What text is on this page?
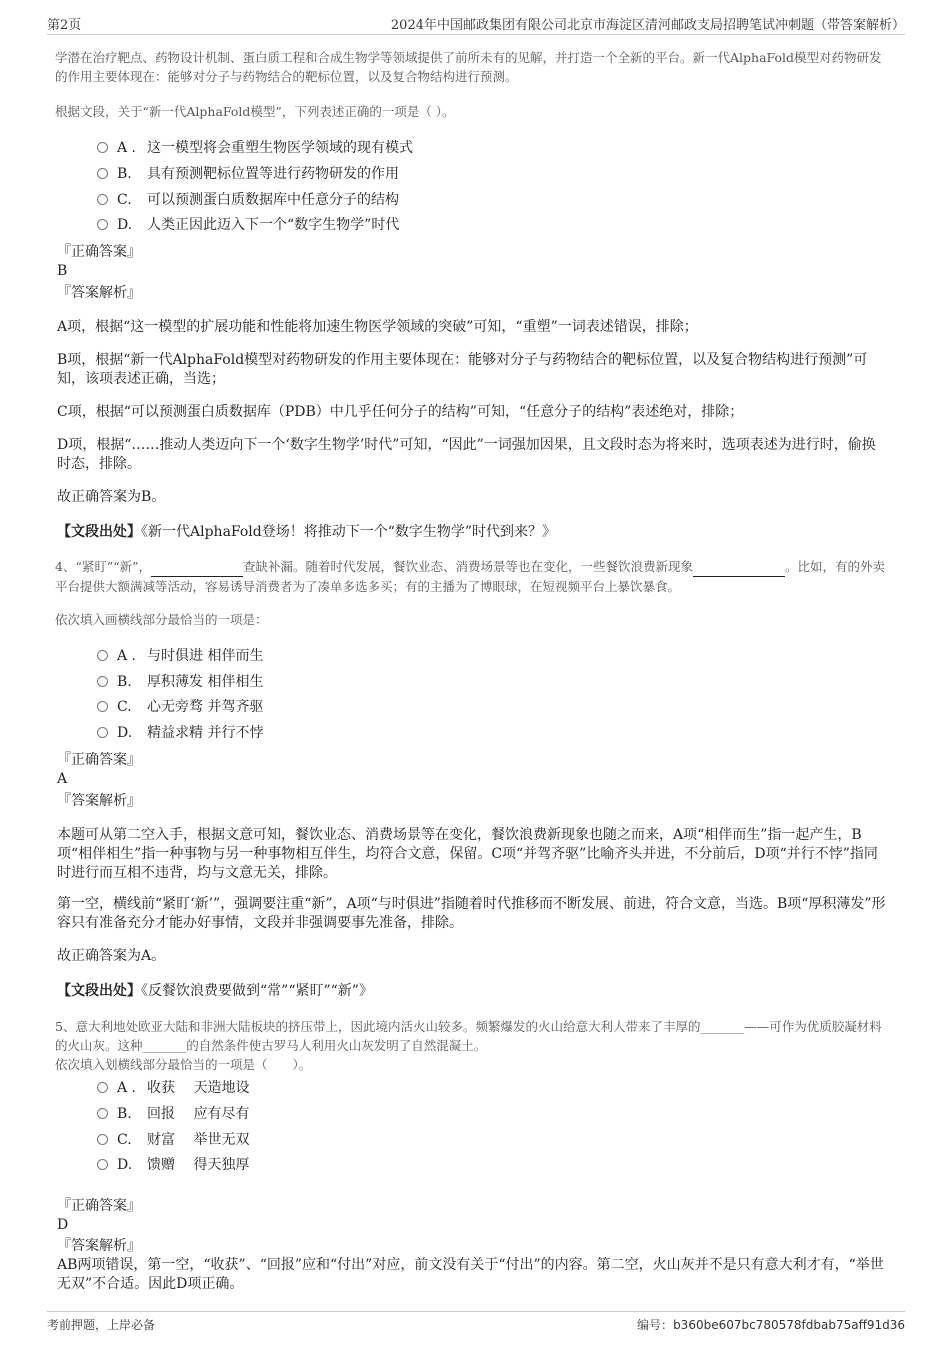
第2页	2024年中国邮政集团有限公司北京市海淀区清河邮政支局招聘笔试冲刺题（带答案解析）

学潜在治疗靶点、药物设计机制、蛋白质工程和合成生物学等领域提供了前所未有的见解，并打造一个全新的平台。新一代AlphaFold模型对药物研发的作用主要体现在：能够对分子与药物结合的靶标位置，以及复合物结构进行预测。

根据文段，关于“新一代AlphaFold模型”，下列表述正确的一项是（ ）。

A . 这一模型将会重塑生物医学领域的现有模式
B. 具有预测靶标位置等进行药物研发的作用
C. 可以预测蛋白质数据库中任意分子的结构
D. 人类正因此迈入下一个“数字生物学”时代
『正确答案』
B
『答案解析』

A项，根据“这一模型的扩展功能和性能将加速生物医学领域的突破”可知，“重塑”一词表述错误，排除；

B项，根据“新一代AlphaFold模型对药物研发的作用主要体现在：能够对分子与药物结合的靶标位置，以及复合物结构进行预测”可知，该项表述正确，当选；

C项，根据“可以预测蛋白质数据库（PDB）中几乎任何分子的结构”可知，“任意分子的结构”表述绝对，排除；

D项，根据“……推动人类迈向下一个‘数字生物学’时代”可知，“因此”一词强加因果，且文段时态为将来时，选项表述为进行时，偷换时态，排除。

故正确答案为B。

【文段出处】《新一代AlphaFold登场！将推动下一个“数字生物学”时代到来？》

4、“紧盯”“新”，	查缺补漏。随着时代发展，餐饮业态、消费场景等也在变化，一些餐饮浪费新现象	。比如，有的外卖平台提供大额满减等活动，容易诱导消费者为了凑单多选多买；有的主播为了博眼球，在短视频平台上暴饮暴食。

依次填入画横线部分最恰当的一项是：

A . 与时俱进 相伴而生
B. 厚积薄发 相伴相生
C. 心无旁骛 并驾齐驱
D. 精益求精 并行不悖
『正确答案』
A
『答案解析』

本题可从第二空入手，根据文意可知，餐饮业态、消费场景等在变化，餐饮浪费新现象也随之而来，A项“相伴而生”指一起产生，B项“相伴相生”指一种事物与另一种事物相互伴生，均符合文意，保留。C项“并驾齐驱”比喻齐头并进，不分前后，D项“并行不悖”指同时进行而互相不违背，均与文意无关，排除。

第一空，横线前“紧盯‘新’”，强调要注重“新”，A项“与时俱进”指随着时代推移而不断发展、前进，符合文意，当选。B项“厚积薄发”形容只有准备充分才能办好事情，文段并非强调要事先准备，排除。

故正确答案为A。

【文段出处】《反餐饮浪费要做到“常”“紧盯”“新”》

5、意大利地处欧亚大陆和非洲大陆板块的挤压带上，因此境内活火山较多。频繁爆发的火山给意大利人带来了丰厚的_______——可作为优质胶凝材料的火山灰。这种_______的自然条件使古罗马人利用火山灰发明了自然混凝土。

依次填入划横线部分最恰当的一项是（　　）。

A . 收获　 天造地设
B. 回报　 应有尽有
C. 财富　 举世无双
D. 馈赠　 得天独厚
『正确答案』
D
『答案解析』

AB两项错误，第一空，“收获”、“回报”应和“付出”对应，前文没有关于“付出”的内容。第二空，火山灰并不是只有意大利才有，“举世无双”不合适。因此D项正确。

考前押题，上岸必备	编号：b360be607bc780578fdbab75aff91d36
